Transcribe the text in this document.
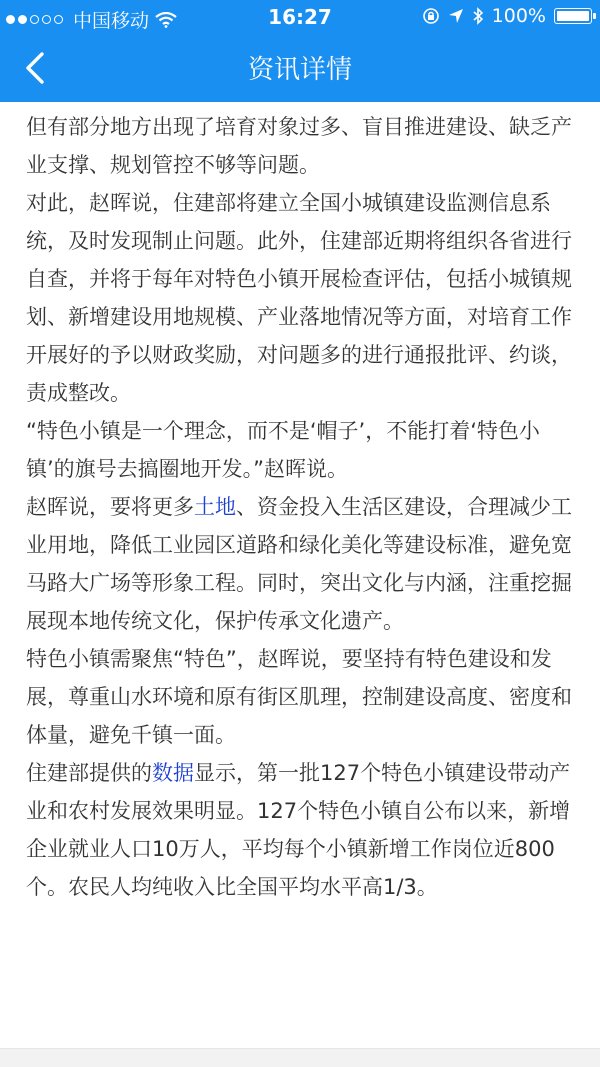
中国移动	16:27	100%
资讯详情

但有部分地方出现了培育对象过多、盲目推进建设、缺乏产业支撑、规划管控不够等问题。

对此，赵晖说，住建部将建立全国小城镇建设监测信息系统，及时发现制止问题。此外，住建部近期将组织各省进行自查，并将于每年对特色小镇开展检查评估，包括小城镇规划、新增建设用地规模、产业落地情况等方面，对培育工作开展好的予以财政奖励，对问题多的进行通报批评、约谈，责成整改。

“特色小镇是一个理念，而不是‘帽子’，不能打着‘特色小镇’的旗号去搞圈地开发。”赵晖说。

赵晖说，要将更多土地、资金投入生活区建设，合理减少工业用地，降低工业园区道路和绿化美化等建设标准，避免宽马路大广场等形象工程。同时，突出文化与内涵，注重挖掘展现本地传统文化，保护传承文化遗产。

特色小镇需聚焦“特色”，赵晖说，要坚持有特色建设和发展，尊重山水环境和原有街区肌理，控制建设高度、密度和体量，避免千镇一面。

住建部提供的数据显示，第一批127个特色小镇建设带动产业和农村发展效果明显。127个特色小镇自公布以来，新增企业就业人口10万人，平均每个小镇新增工作岗位近800个。农民人均纯收入比全国平均水平高1/3。
